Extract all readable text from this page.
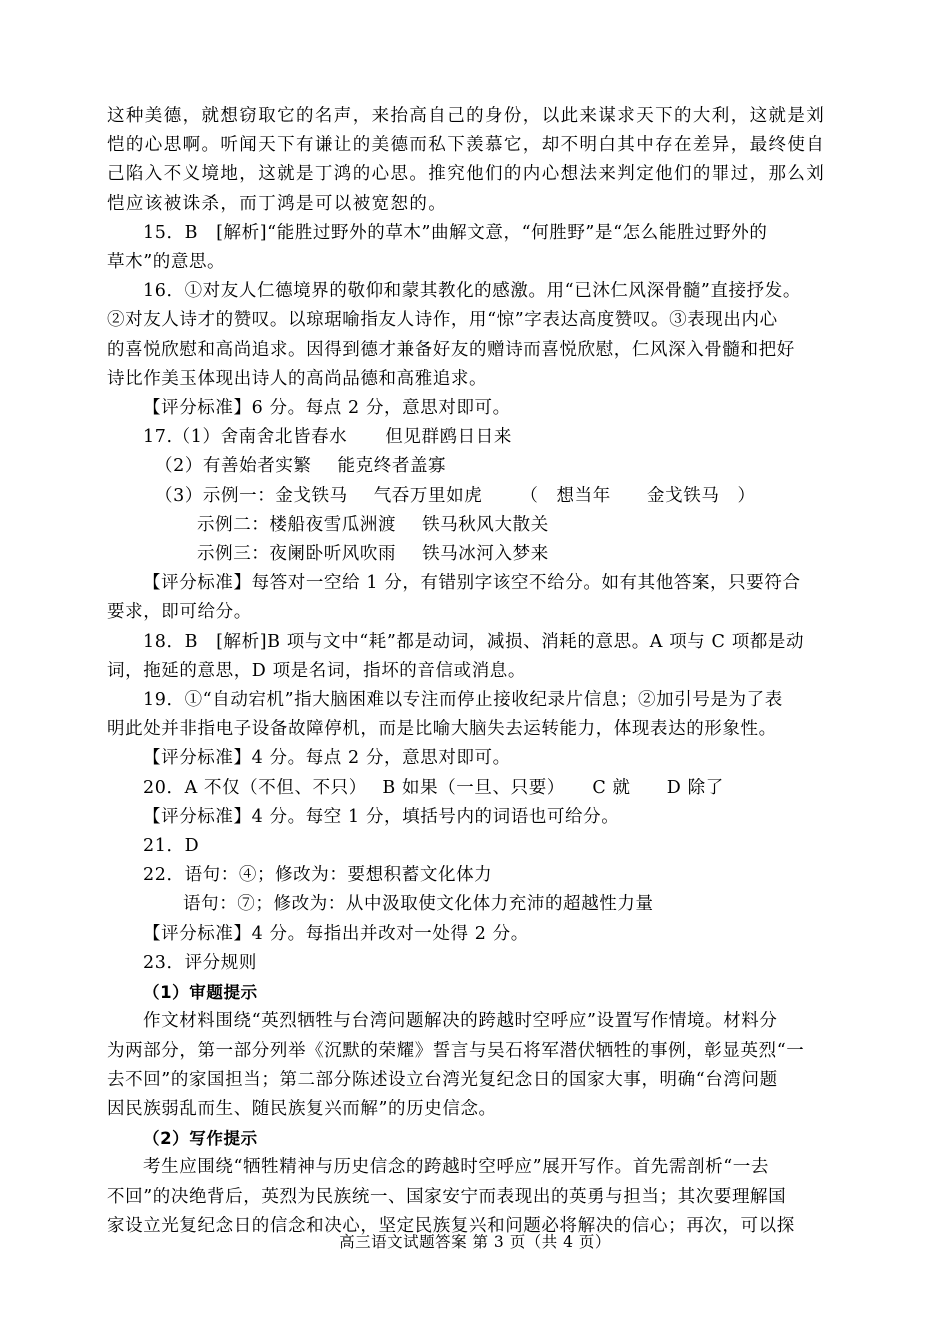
这种美德，就想窃取它的名声，来抬高自己的身份，以此来谋求天下的大利，这就是刘

恺的心思啊。听闻天下有谦让的美德而私下羡慕它，却不明白其中存在差异，最终使自

己陷入不义境地，这就是丁鸿的心思。推究他们的内心想法来判定他们的罪过，那么刘

恺应该被诛杀，而丁鸿是可以被宽恕的。

15．B　[解析]“能胜过野外的草木”曲解文意，“何胜野”是“怎么能胜过野外的

草木”的意思。

16．①对友人仁德境界的敬仰和蒙其教化的感激。用“已沐仁风深骨髓”直接抒发。

②对友人诗才的赞叹。以琼琚喻指友人诗作，用“惊”字表达高度赞叹。③表现出内心

的喜悦欣慰和高尚追求。因得到德才兼备好友的赠诗而喜悦欣慰，仁风深入骨髓和把好

诗比作美玉体现出诗人的高尚品德和高雅追求。

【评分标准】6 分。每点 2 分，意思对即可。

17.（1）舍南舍北皆春水 但见群鸥日日来

（2）有善始者实繁 能克终者盖寡

（3）示例一：金戈铁马 气吞万里如虎 （　想当年　　金戈铁马　）

示例二：楼船夜雪瓜洲渡 铁马秋风大散关

示例三：夜阑卧听风吹雨 铁马冰河入梦来

【评分标准】每答对一空给 1 分，有错别字该空不给分。如有其他答案，只要符合

要求，即可给分。

18．B　[解析]B 项与文中“耗”都是动词，减损、消耗的意思。A 项与 C 项都是动

词，拖延的意思，D 项是名词，指坏的音信或消息。

19．①“自动宕机”指大脑困难以专注而停止接收纪录片信息；②加引号是为了表

明此处并非指电子设备故障停机，而是比喻大脑失去运转能力，体现表达的形象性。

【评分标准】4 分。每点 2 分，意思对即可。

20．A 不仅（不但、不只）　 B 如果（一旦、只要）　　C 就　　D 除了

【评分标准】4 分。每空 1 分，填括号内的词语也可给分。

21．D

22．语句：④；修改为：要想积蓄文化体力

语句：⑦；修改为：从中汲取使文化体力充沛的超越性力量

【评分标准】4 分。每指出并改对一处得 2 分。

23．评分规则

（1）审题提示

作文材料围绕“英烈牺牲与台湾问题解决的跨越时空呼应”设置写作情境。材料分

为两部分，第一部分列举《沉默的荣耀》誓言与吴石将军潜伏牺牲的事例，彰显英烈“一

去不回”的家国担当；第二部分陈述设立台湾光复纪念日的国家大事，明确“台湾问题

因民族弱乱而生、随民族复兴而解”的历史信念。

（2）写作提示

考生应围绕“牺牲精神与历史信念的跨越时空呼应”展开写作。首先需剖析“一去

不回”的决绝背后，英烈为民族统一、国家安宁而表现出的英勇与担当；其次要理解国

家设立光复纪念日的信念和决心，坚定民族复兴和问题必将解决的信心；再次，可以探

高三语文试题答案 第 3 页（共 4 页）
